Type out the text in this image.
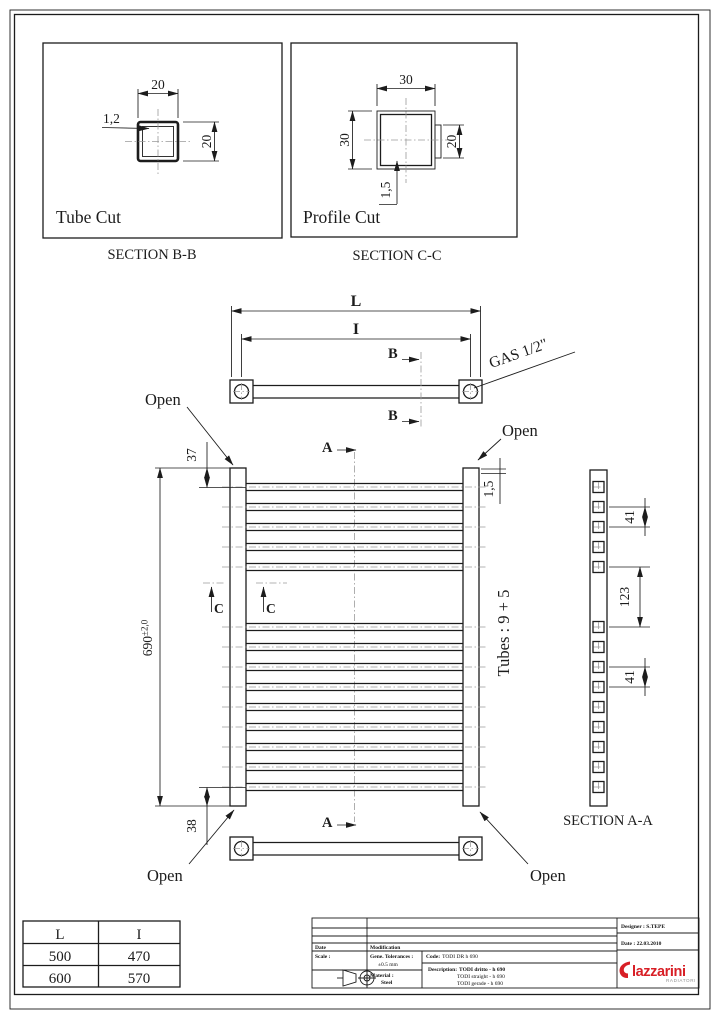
20
20
1,2
Tube Cut
SECTION B-B
30
30	20
1,5
Profile Cut
SECTION C-C
L
I
B
B
GAS 1/2"
A
A
C	C
Open
Open
Open	Open
37
38
1,5
$690^{\pm 2,0}$	Tubes : 9 + 5
41
123
41
SECTION A-A
L	I
500	470
600	570
Date	Modification
Scale :	Gene. Tolerances :
±0.5 mm
Material :
Steel
Code: TODI DR h 690
Description: TODI dritto - h 690
TODI straight - h 690
TODI gerade - h 690
Designer : S.TEPE
Date : 22.03.2010
lazzarini
RADIATORI
